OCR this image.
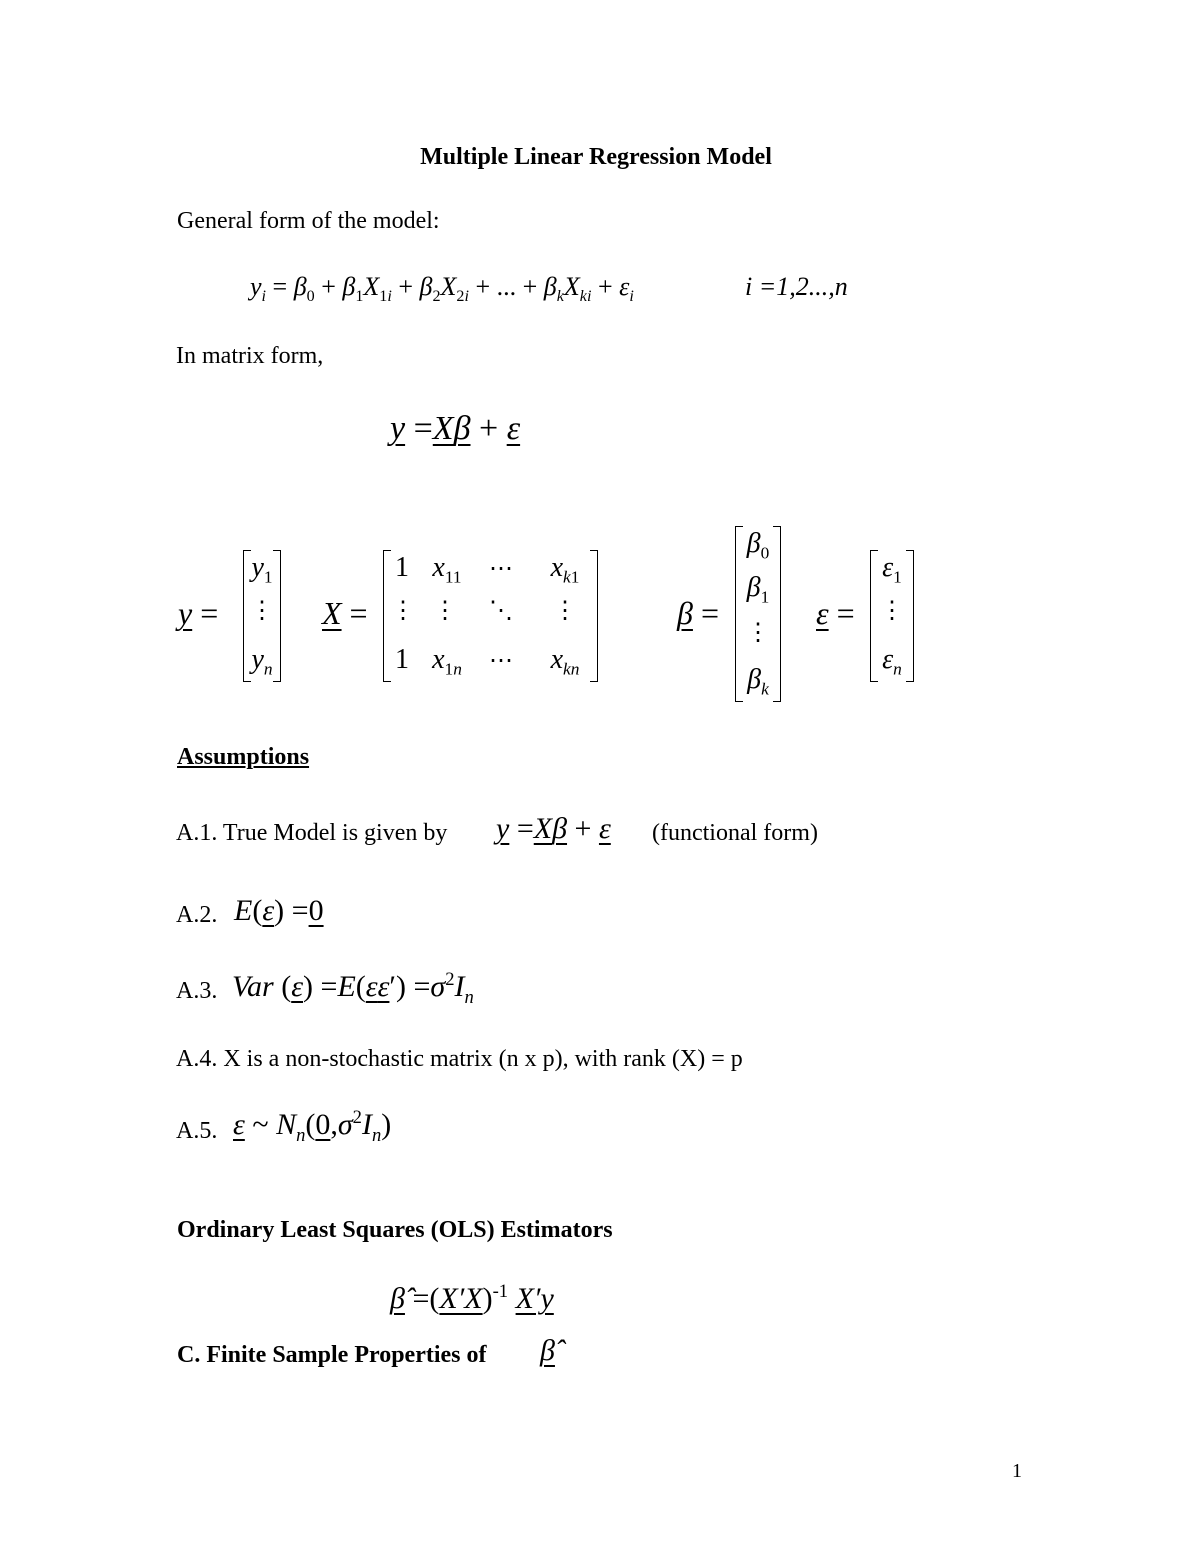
Multiple Linear Regression Model
General form of the model:
$y_i = \beta_0 + \beta_1X_{1i} + \beta_2X_{2i}$ + ... + $\beta_kX_{ki} + \varepsilon_i$	i =1,2...,n
In matrix form,
y =Xβ + ε
y =
$y_1$
⋮
$y_n$
X =
1 $x_{11}$	⋯ $x_{k1}$
⋮ ⋮ ⋱ ⋮
1 $x_{1n}$	⋯ $x_{kn}$
β =
$\beta_0$
$\beta_1$
⋮
$\beta_k$
ε =
$\varepsilon_1$
⋮
$\varepsilon_n$
Assumptions
A.1. True Model is given by y =Xβ + ε (functional form)
A.2. E(ε) =0
A.3. Var $(\varepsilon) =E(\varepsilon\varepsilon') =\sigma^2I_n$
A.4. X is a non-stochastic matrix (n x p), with rank (X) = p
A.5. ε ~ $N_n(0,\sigma^2I_n)$
Ordinary Least Squares (OLS) Estimators
β̂ $=(X'X)^{-1}$ X′y
C. Finite Sample Properties of β̂
1
